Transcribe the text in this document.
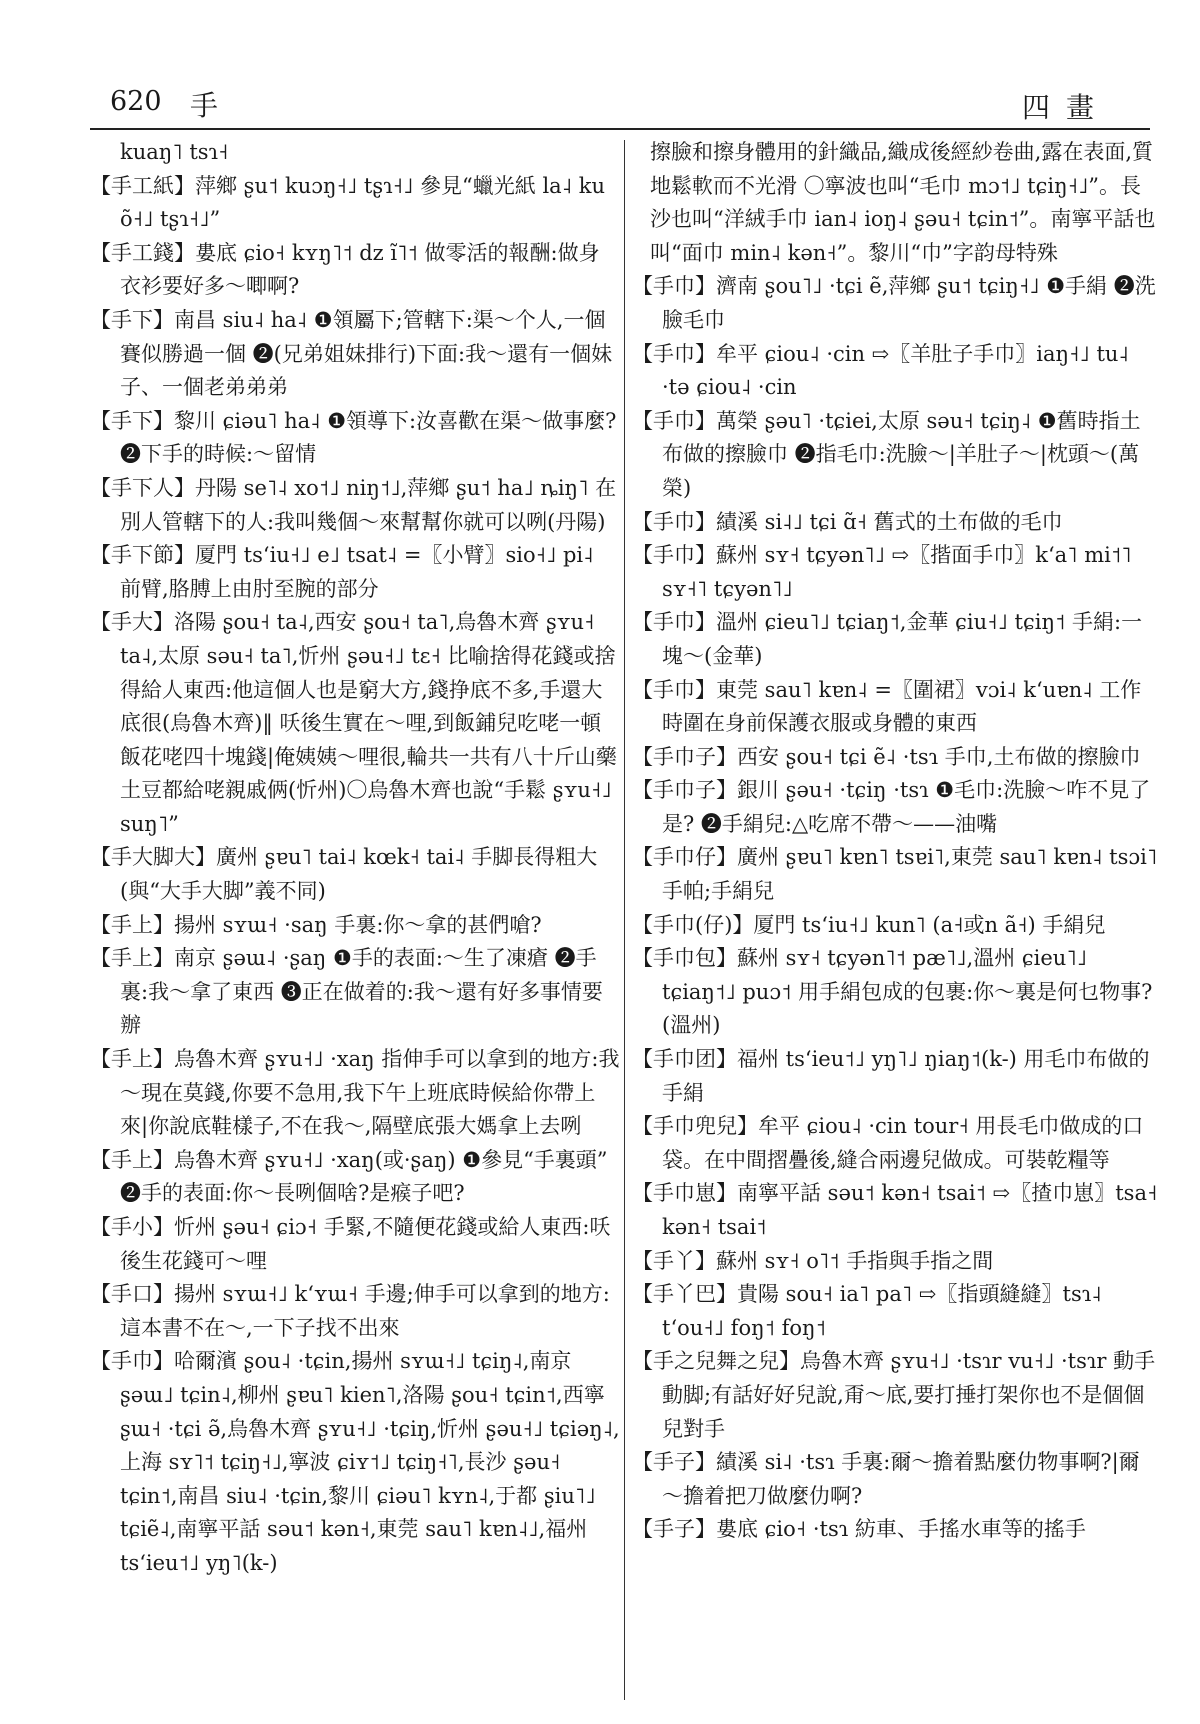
620 手	四畫

kuaŋ˥ tsɿ˧

【手工紙】萍鄉 ʂu˦ kuɔŋ˧˩ tʂɿ˧˩ 參見“蠟光紙 la˨ ku õ˧˩ tʂɿ˧˩”

【手工錢】婁底 ɕio˧ kʏŋ˥˦ dz ĩ˥˦ 做零活的報酬:做身衣衫要好多～唧啊?

【手下】南昌 siu˨ ha˨ ❶領屬下;管轄下:渠～个人,一個賽似勝過一個 ❷(兄弟姐妹排行)下面:我～還有一個妹子、一個老弟弟弟

【手下】黎川 ɕiəu˥ ha˨ ❶領導下:汝喜歡在渠～做事麼? ❷下手的時候:～留情

【手下人】丹陽 se˥˨ xo˦˩ niŋ˦˩,萍鄉 ʂu˦ ha˩ ȵiŋ˥ 在別人管轄下的人:我叫幾個～來幫幫你就可以咧(丹陽)

【手下節】厦門 tsʻiu˧˩ e˩ tsat˨ =〖小臂〗sio˧˩ pi˨ 前臂,胳膊上由肘至腕的部分

【手大】洛陽 ʂou˧ ta˨,西安 ʂou˧ ta˥,烏魯木齊 ʂʏu˧ ta˨,太原 səu˧ ta˥,忻州 ʂəu˧˩ tɛ˧ 比喻捨得花錢或捨得給人東西:他這個人也是窮大方,錢挣底不多,手還大底很(烏魯木齊)‖ 㕭後生實在～哩,到飯鋪兒吃咾一頓飯花咾四十塊錢|俺姨姨～哩很,輪共一共有八十斤山藥土豆都給咾親戚俩(忻州)〇烏魯木齊也說“手鬆 ʂʏu˧˩ suŋ˥”

【手大脚大】廣州 ʂɐu˥ tai˨ kœk˧ tai˨ 手脚長得粗大(與“大手大脚”義不同)

【手上】揚州 sʏɯ˧ ·saŋ 手裏:你～拿的甚們嗆?

【手上】南京 ʂəɯ˨ ·ʂaŋ ❶手的表面:～生了凍瘡 ❷手裏:我～拿了東西 ❸正在做着的:我～還有好多事情要辦

【手上】烏魯木齊 ʂʏu˧˩ ·xaŋ 指伸手可以拿到的地方:我～現在莫錢,你要不急用,我下午上班底時候給你帶上來|你說底鞋樣子,不在我～,隔壁底張大媽拿上去咧

【手上】烏魯木齊 ʂʏu˧˩ ·xaŋ(或·ʂaŋ) ❶參見“手裏頭” ❷手的表面:你～長咧個啥?是瘊子吧?

【手小】忻州 ʂəu˧ ɕiɔ˧ 手緊,不隨便花錢或給人東西:㕭後生花錢可～哩

【手口】揚州 sʏɯ˧˩ kʻʏɯ˧ 手邊;伸手可以拿到的地方:這本書不在～,一下子找不出來

【手巾】哈爾濱 ʂou˨ ·tɕin,揚州 sʏɯ˧˩ tɕiŋ˨,南京 ʂəɯ˩ tɕin˨,柳州 ʂɐu˥ kien˥,洛陽 ʂou˧ tɕin˦,西寧 ʂɯ˧ ·tɕi ə̃,烏魯木齊 ʂʏu˧˩ ·tɕiŋ,忻州 ʂəu˧˩ tɕiəŋ˨,上海 sʏ˥˦ tɕiŋ˧˩,寧波 ɕiʏ˦˩ tɕiŋ˧˥,長沙 ʂəu˧ tɕin˦,南昌 siu˨ ·tɕin,黎川 ɕiəu˥ kʏn˨,于都 ʂiu˥˩ tɕiẽ˨,南寧平話 səu˦ kən˧,東莞 sau˥ kɐn˨˩,福州 tsʻieu˦˩ yŋ˥(k-)

擦臉和擦身體用的針織品,織成後經紗卷曲,露在表面,質地鬆軟而不光滑 〇寧波也叫“毛巾 mɔ˦˩ tɕiŋ˧˩”。長沙也叫“洋絨手巾 ian˨ ioŋ˨ ʂəu˧ tɕin˦”。南寧平話也叫“面巾 min˨ kən˧”。黎川“巾”字韵母特殊

【手巾】濟南 ʂou˥˩ ·tɕi ẽ,萍鄉 ʂu˦ tɕiŋ˧˩ ❶手絹 ❷洗臉毛巾

【手巾】牟平 ɕiou˨ ·cin ⇨〖羊肚子手巾〗iaŋ˧˩ tu˨ ·tə ɕiou˨ ·cin

【手巾】萬榮 ʂəu˥ ·tɕiei,太原 səu˧ tɕiŋ˨ ❶舊時指土布做的擦臉巾 ❷指毛巾:洗臉～|羊肚子～|枕頭～(萬榮)

【手巾】績溪 si˨˩ tɕi ɑ̃˧ 舊式的土布做的毛巾

【手巾】蘇州 sʏ˧ tɕyən˥˩ ⇨〖揩面手巾〗kʻa˥ mi˦˥ sʏ˧˥ tɕyən˥˩

【手巾】溫州 ɕieu˥˩ tɕiaŋ˦,金華 ɕiu˧˩ tɕiŋ˦ 手絹:一塊～(金華)

【手巾】東莞 sau˥ kɐn˨ =〖圍裙〗vɔi˨ kʻuɐn˨ 工作時圍在身前保護衣服或身體的東西

【手巾子】西安 ʂou˧ tɕi ẽ˨ ·tsɿ 手巾,土布做的擦臉巾

【手巾子】銀川 ʂəu˧ ·tɕiŋ ·tsɿ ❶毛巾:洗臉～咋不見了是? ❷手絹兒:△吃席不帶～——油嘴

【手巾仔】廣州 ʂɐu˥ kɐn˥ tsɐi˥,東莞 sau˥ kɐn˨ tsɔi˥ 手帕;手絹兒

【手巾(仔)】厦門 tsʻiu˧˩ kun˥ (a˧或n ã˧) 手絹兒

【手巾包】蘇州 sʏ˧ tɕyən˥˦ pæ˥˩,溫州 ɕieu˥˩ tɕiaŋ˦˩ puɔ˦ 用手絹包成的包裹:你～裏是何乜物事?(溫州)

【手巾团】福州 tsʻieu˦˩ yŋ˥˩ ŋiaŋ˦(k-) 用毛巾布做的手絹

【手巾兜兒】牟平 ɕiou˨ ·cin tour˧ 用長毛巾做成的口袋。在中間摺疊後,縫合兩邊兒做成。可裝乾糧等

【手巾崽】南寧平話 səu˦ kən˧ tsai˦ ⇨〖揸巾崽〗tsa˧ kən˧ tsai˦

【手丫】蘇州 sʏ˧ o˥˦ 手指與手指之間

【手丫巴】貴陽 sou˧ ia˥ pa˥ ⇨〖指頭縫縫〗tsɿ˨ tʻou˧˩ foŋ˦ foŋ˦

【手之兒舞之兒】烏魯木齊 ʂʏu˧˩ ·tsɿr vu˧˩ ·tsɿr 動手動脚;有話好好兒說,甭～底,要打捶打架你也不是個個兒對手

【手子】績溪 si˨ ·tsɿ 手裏:爾～擔着點麼仂物事啊?|爾～擔着把刀做麼仂啊?

【手子】婁底 ɕio˧ ·tsɿ 紡車、手搖水車等的搖手
